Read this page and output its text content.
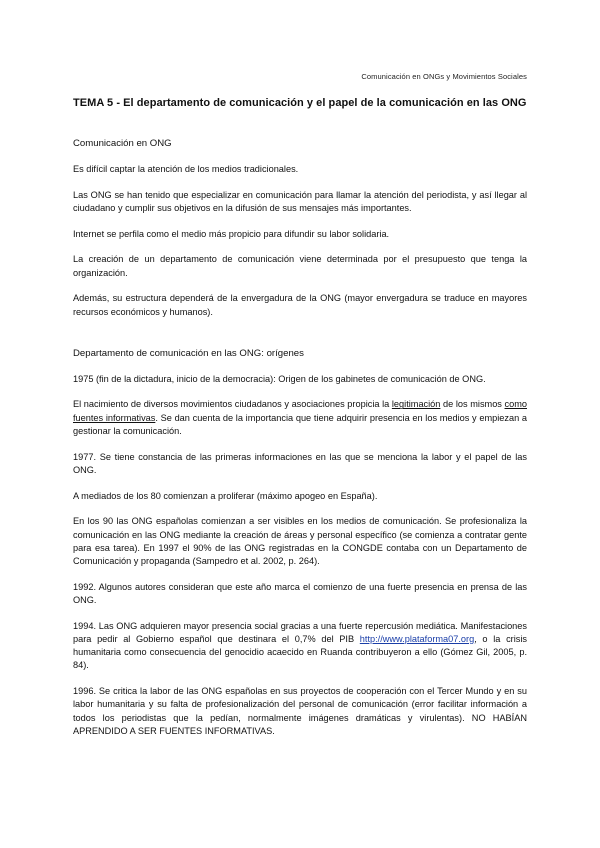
Comunicación en ONGs y Movimientos Sociales
TEMA 5 - El departamento de comunicación y el papel de la comunicación en las ONG
Comunicación en ONG

Es difícil captar la atención de los medios tradicionales.

Las ONG se han tenido que especializar en comunicación para llamar la atención del periodista, y así llegar al ciudadano y cumplir sus objetivos en la difusión de sus mensajes más importantes.

Internet se perfila como el medio más propicio para difundir su labor solidaria.

La creación de un departamento de comunicación viene determinada por el presupuesto que tenga la organización.

Además, su estructura dependerá de la envergadura de la ONG (mayor envergadura se traduce en mayores recursos económicos y humanos).

Departamento de comunicación en las ONG: orígenes

1975 (fin de la dictadura, inicio de la democracia): Origen de los gabinetes de comunicación de ONG.

El nacimiento de diversos movimientos ciudadanos y asociaciones propicia la legitimación de los mismos como fuentes informativas. Se dan cuenta de la importancia que tiene adquirir presencia en los medios y empiezan a gestionar la comunicación.

1977. Se tiene constancia de las primeras informaciones en las que se menciona la labor y el papel de las ONG.

A mediados de los 80 comienzan a proliferar (máximo apogeo en España).

En los 90 las ONG españolas comienzan a ser visibles en los medios de comunicación. Se profesionaliza la comunicación en las ONG mediante la creación de áreas y personal específico (se comienza a contratar gente para esa tarea). En 1997 el 90% de las ONG registradas en la CONGDE contaba con un Departamento de Comunicación y propaganda (Sampedro et al. 2002, p. 264).

1992. Algunos autores consideran que este año marca el comienzo de una fuerte presencia en prensa de las ONG.

1994. Las ONG adquieren mayor presencia social gracias a una fuerte repercusión mediática. Manifestaciones para pedir al Gobierno español que destinara el 0,7% del PIB http://www.plataforma07.org, o la crisis humanitaria como consecuencia del genocidio acaecido en Ruanda contribuyeron a ello (Gómez Gil, 2005, p. 84).

1996. Se critica la labor de las ONG españolas en sus proyectos de cooperación con el Tercer Mundo y en su labor humanitaria y su falta de profesionalización del personal de comunicación (error facilitar información a todos los periodistas que la pedían, normalmente imágenes dramáticas y virulentas). NO HABÍAN APRENDIDO A SER FUENTES INFORMATIVAS.
